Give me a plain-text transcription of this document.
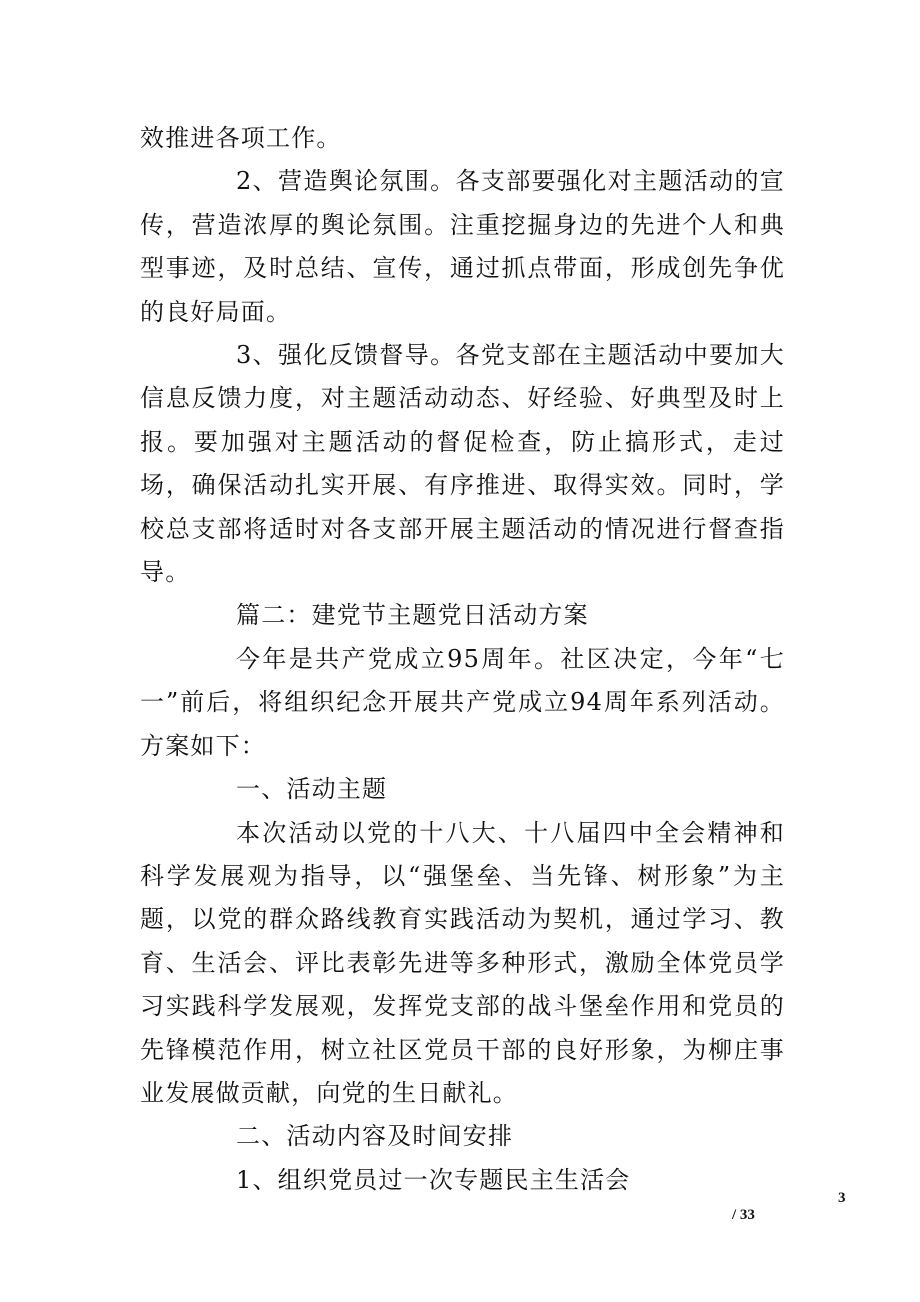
效推进各项工作。

2、营造舆论氛围。各支部要强化对主题活动的宣传，营造浓厚的舆论氛围。注重挖掘身边的先进个人和典型事迹，及时总结、宣传，通过抓点带面，形成创先争优的良好局面。

3、强化反馈督导。各党支部在主题活动中要加大信息反馈力度，对主题活动动态、好经验、好典型及时上报。要加强对主题活动的督促检查，防止搞形式，走过场，确保活动扎实开展、有序推进、取得实效。同时，学校总支部将适时对各支部开展主题活动的情况进行督查指导。

篇二：建党节主题党日活动方案

今年是共产党成立95周年。社区决定，今年“七一”前后，将组织纪念开展共产党成立94周年系列活动。方案如下：

一、活动主题

本次活动以党的十八大、十八届四中全会精神和科学发展观为指导，以“强堡垒、当先锋、树形象”为主题，以党的群众路线教育实践活动为契机，通过学习、教育、生活会、评比表彰先进等多种形式，激励全体党员学习实践科学发展观，发挥党支部的战斗堡垒作用和党员的先锋模范作用，树立社区党员干部的良好形象，为柳庄事业发展做贡献，向党的生日献礼。

二、活动内容及时间安排

1、组织党员过一次专题民主生活会

/ 33
3
